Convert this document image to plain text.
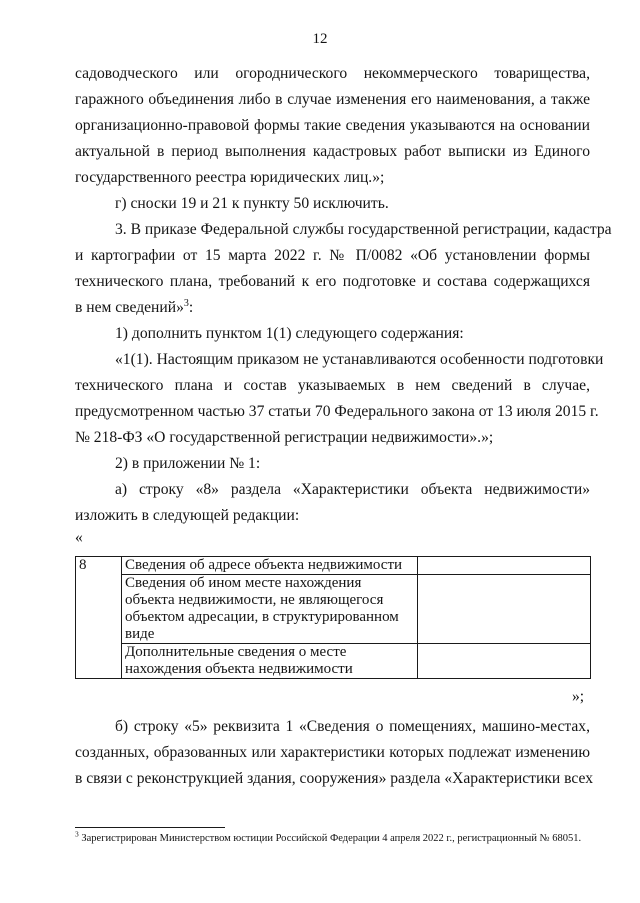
12
садоводческого или огороднического некоммерческого товарищества,
гаражного объединения либо в случае изменения его наименования, а также
организационно-правовой формы такие сведения указываются на основании
актуальной в период выполнения кадастровых работ выписки из Единого
государственного реестра юридических лиц.»;
г) сноски 19 и 21 к пункту 50 исключить.
3. В приказе Федеральной службы государственной регистрации, кадастра
и картографии от 15 марта 2022 г. № П/0082 «Об установлении формы
технического плана, требований к его подготовке и состава содержащихся
в нем сведений»$^3$:
1) дополнить пунктом 1(1) следующего содержания:
«1(1). Настоящим приказом не устанавливаются особенности подготовки
технического плана и состав указываемых в нем сведений в случае,
предусмотренном частью 37 статьи 70 Федерального закона от 13 июля 2015 г.
№ 218-ФЗ «О государственной регистрации недвижимости».»;
2) в приложении № 1:
а) строку «8» раздела «Характеристики объекта недвижимости»
изложить в следующей редакции:
«
8	Сведения об адресе объекта недвижимости	

	Сведения об ином месте нахождения
объекта недвижимости, не являющегося
объектом адресации, в структурированном
виде	

	Дополнительные сведения о месте
нахождения объекта недвижимости	

»;
б) строку «5» реквизита 1 «Сведения о помещениях, машино-местах,
созданных, образованных или характеристики которых подлежат изменению
в связи с реконструкцией здания, сооружения» раздела «Характеристики всех
$^3$ Зарегистрирован Министерством юстиции Российской Федерации 4 апреля 2022 г., регистрационный № 68051.
